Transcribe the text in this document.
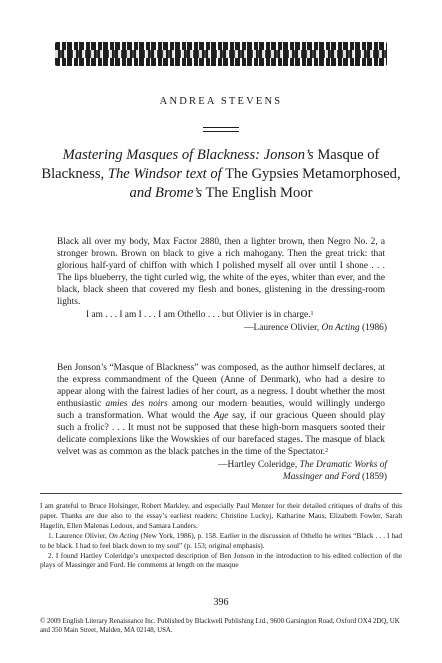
ANDREA STEVENS
Mastering Masques of Blackness: Jonson’s Masque of Blackness, The Windsor text of The Gypsies Metamorphosed, and Brome’s The English Moor
Black all over my body, Max Factor 2880, then a lighter brown, then Negro No. 2, a stronger brown. Brown on black to give a rich mahogany. Then the great trick: that glorious half-yard of chiffon with which I polished myself all over until I shone . . . The lips blueberry, the tight curled wig, the white of the eyes, whiter than ever, and the black, black sheen that covered my flesh and bones, glistening in the dressing-room lights.
I am . . . I am I . . . I am Othello . . . but Olivier is in charge.$^1$
—Laurence Olivier, On Acting (1986)
Ben Jonson’s “Masque of Blackness” was composed, as the author himself declares, at the express commandment of the Queen (Anne of Denmark), who had a desire to appear along with the fairest ladies of her court, as a negress. I doubt whether the most enthusiastic amies des noirs among our modern beauties, would willingly undergo such a transformation. What would the Age say, if our gracious Queen should play such a frolic? . . . It must not be supposed that these high-born masquers sooted their delicate complexions like the Wowskies of our barefaced stages. The masque of black velvet was as common as the black patches in the time of the Spectator.$^2$
—Hartley Coleridge, The Dramatic Works of
Massinger and Ford (1859)

I am grateful to Bruce Holsinger, Robert Markley, and especially Paul Menzer for their detailed critiques of drafts of this paper. Thanks are due also to the essay’s earliest readers: Christine Luckyj, Katharine Maus, Elizabeth Fowler, Sarah Hagelin, Ellen Malenas Ledoux, and Samara Landers.

1. Laurence Olivier, On Acting (New York, 1986), p. 158. Earlier in the discussion of Othello he writes “Black . . . I had to be black. I had to feel black down to my soul” (p. 153; original emphasis).

2. I found Hartley Coleridge’s unexpected description of Ben Jonson in the introduction to his edited collection of the plays of Massinger and Ford. He comments at length on the masque

396
© 2009 English Literary Renaissance Inc. Published by Blackwell Publishing Ltd., 9600 Garsington Road, Oxford OX4 2DQ, UK and 350 Main Street, Malden, MA 02148, USA.
